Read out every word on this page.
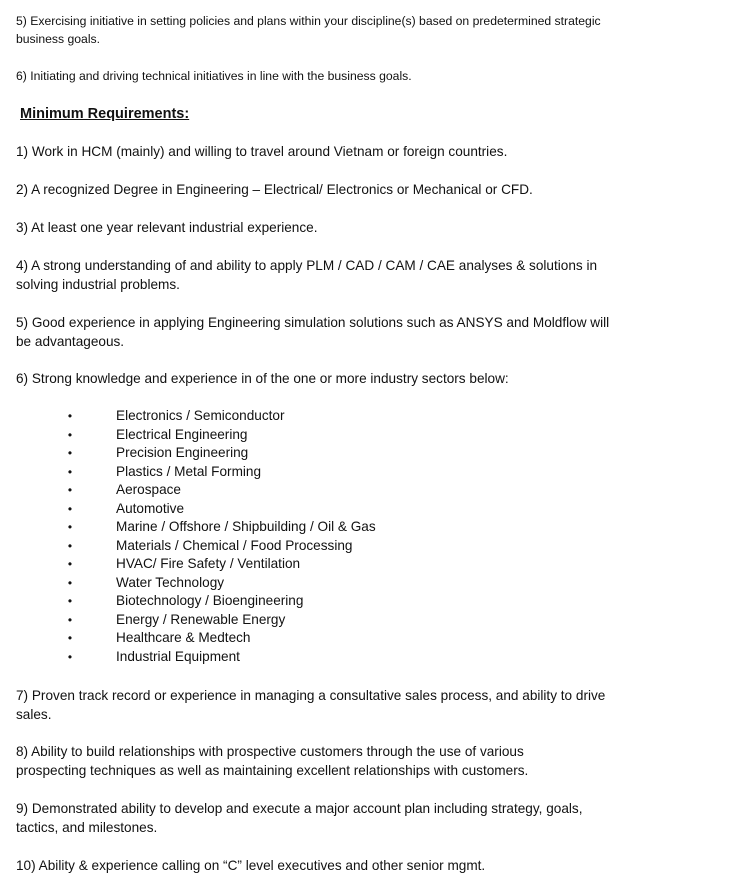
5) Exercising initiative in setting policies and plans within your discipline(s) based on predetermined strategic business goals.

6) Initiating and driving technical initiatives in line with the business goals.

Minimum Requirements:

1) Work in HCM (mainly) and willing to travel around Vietnam or foreign countries.

2) A recognized Degree in Engineering – Electrical/ Electronics or Mechanical or CFD.

3) At least one year relevant industrial experience.

4) A strong understanding of and ability to apply PLM / CAD / CAM / CAE analyses & solutions in solving industrial problems.

5) Good experience in applying Engineering simulation solutions such as ANSYS and Moldflow will be advantageous.

6) Strong knowledge and experience in of the one or more industry sectors below:

•	Electronics / Semiconductor
•	Electrical Engineering
•	Precision Engineering
•	Plastics / Metal Forming
•	Aerospace
•	Automotive
•	Marine / Offshore / Shipbuilding / Oil & Gas
•	Materials / Chemical / Food Processing
•	HVAC/ Fire Safety / Ventilation
•	Water Technology
•	Biotechnology / Bioengineering
•	Energy / Renewable Energy
•	Healthcare & Medtech
•	Industrial Equipment

7) Proven track record or experience in managing a consultative sales process, and ability to drive sales.

8) Ability to build relationships with prospective customers through the use of various prospecting techniques as well as maintaining excellent relationships with customers.

9) Demonstrated ability to develop and execute a major account plan including strategy, goals, tactics, and milestones.

10) Ability & experience calling on “C” level executives and other senior mgmt.
